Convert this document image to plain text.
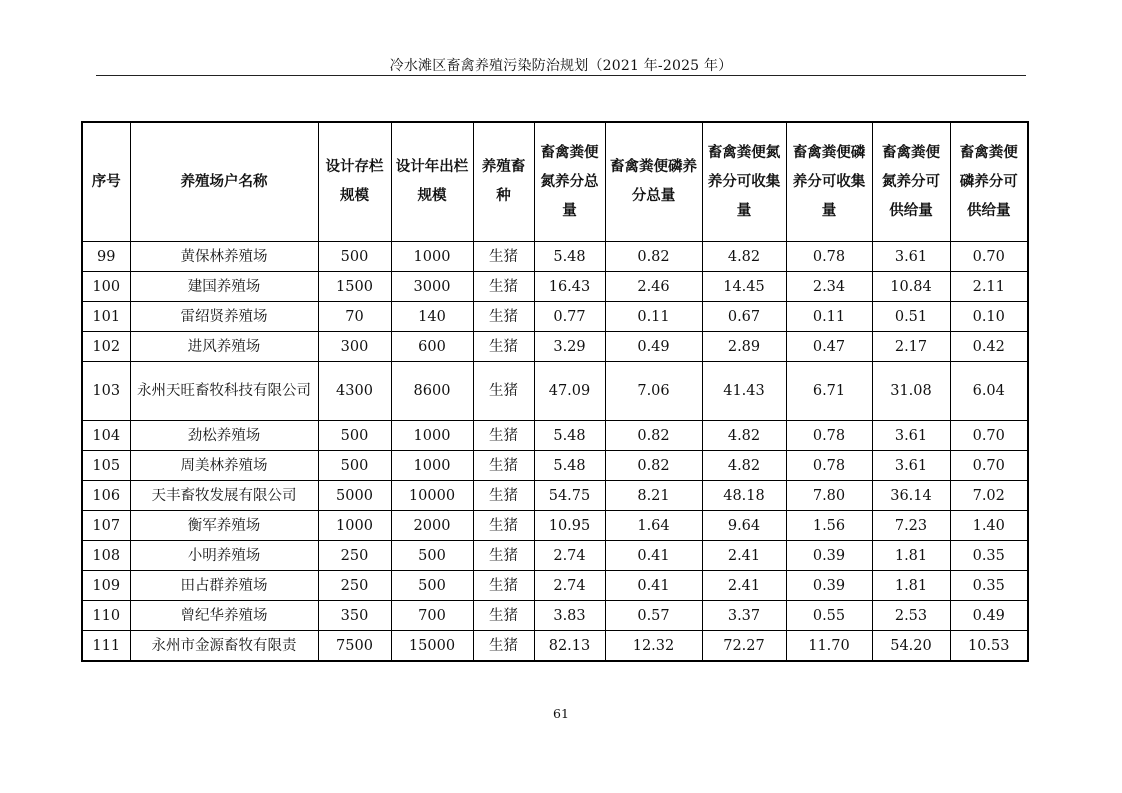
冷水滩区畜禽养殖污染防治规划（2021 年-2025 年）
序号	养殖场户名称	设计存栏规模	设计年出栏规模	养殖畜种	畜禽粪便氮养分总量	畜禽粪便磷养分总量	畜禽粪便氮养分可收集量	畜禽粪便磷养分可收集量	畜禽粪便氮养分可供给量	畜禽粪便磷养分可供给量
99	黄保林养殖场	500	1000	生猪	5.48	0.82	4.82	0.78	3.61	0.70
100	建国养殖场	1500	3000	生猪	16.43	2.46	14.45	2.34	10.84	2.11
101	雷绍贤养殖场	70	140	生猪	0.77	0.11	0.67	0.11	0.51	0.10
102	进风养殖场	300	600	生猪	3.29	0.49	2.89	0.47	2.17	0.42
103	永州天旺畜牧科技有限公司	4300	8600	生猪	47.09	7.06	41.43	6.71	31.08	6.04
104	劲松养殖场	500	1000	生猪	5.48	0.82	4.82	0.78	3.61	0.70
105	周美林养殖场	500	1000	生猪	5.48	0.82	4.82	0.78	3.61	0.70
106	天丰畜牧发展有限公司	5000	10000	生猪	54.75	8.21	48.18	7.80	36.14	7.02
107	衡军养殖场	1000	2000	生猪	10.95	1.64	9.64	1.56	7.23	1.40
108	小明养殖场	250	500	生猪	2.74	0.41	2.41	0.39	1.81	0.35
109	田占群养殖场	250	500	生猪	2.74	0.41	2.41	0.39	1.81	0.35
110	曾纪华养殖场	350	700	生猪	3.83	0.57	3.37	0.55	2.53	0.49
111	永州市金源畜牧有限责	7500	15000	生猪	82.13	12.32	72.27	11.70	54.20	10.53
61
